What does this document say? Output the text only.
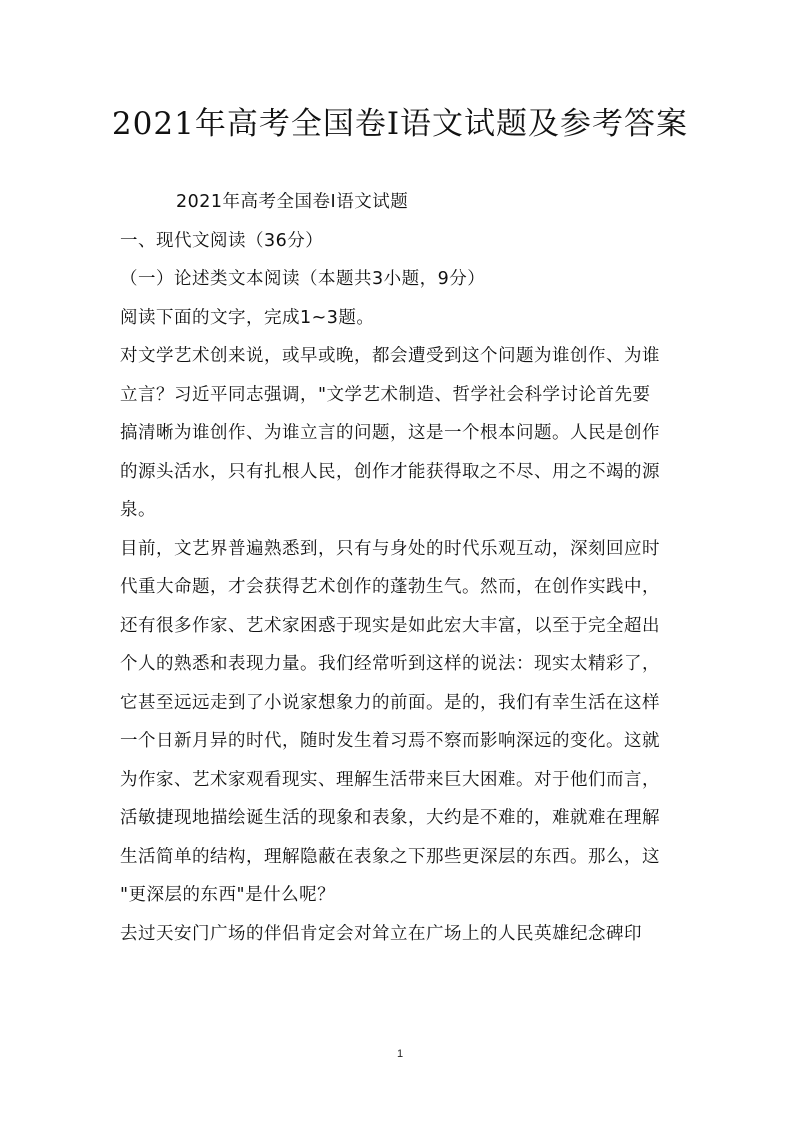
2021年高考全国卷Ⅰ语文试题及参考答案
2021年高考全国卷Ⅰ语文试题
一、现代文阅读（36分）
（一）论述类文本阅读（本题共3小题，9分）
阅读下面的文字，完成1~3题。
对文学艺术创来说，或早或晚，都会遭受到这个问题为谁创作、为谁
立言？习近平同志强调，"文学艺术制造、哲学社会科学讨论首先要
搞清晰为谁创作、为谁立言的问题，这是一个根本问题。人民是创作
的源头活水，只有扎根人民，创作才能获得取之不尽、用之不竭的源
泉。
目前，文艺界普遍熟悉到，只有与身处的时代乐观互动，深刻回应时
代重大命题，才会获得艺术创作的蓬勃生气。然而，在创作实践中，
还有很多作家、艺术家困惑于现实是如此宏大丰富，以至于完全超出
个人的熟悉和表现力量。我们经常听到这样的说法：现实太精彩了，
它甚至远远走到了小说家想象力的前面。是的，我们有幸生活在这样
一个日新月异的时代，随时发生着习焉不察而影响深远的变化。这就
为作家、艺术家观看现实、理解生活带来巨大困难。对于他们而言，
活敏捷现地描绘诞生活的现象和表象，大约是不难的，难就难在理解
生活简单的结构，理解隐蔽在表象之下那些更深层的东西。那么，这
"更深层的东西"是什么呢？
去过天安门广场的伴侣肯定会对耸立在广场上的人民英雄纪念碑印
1
